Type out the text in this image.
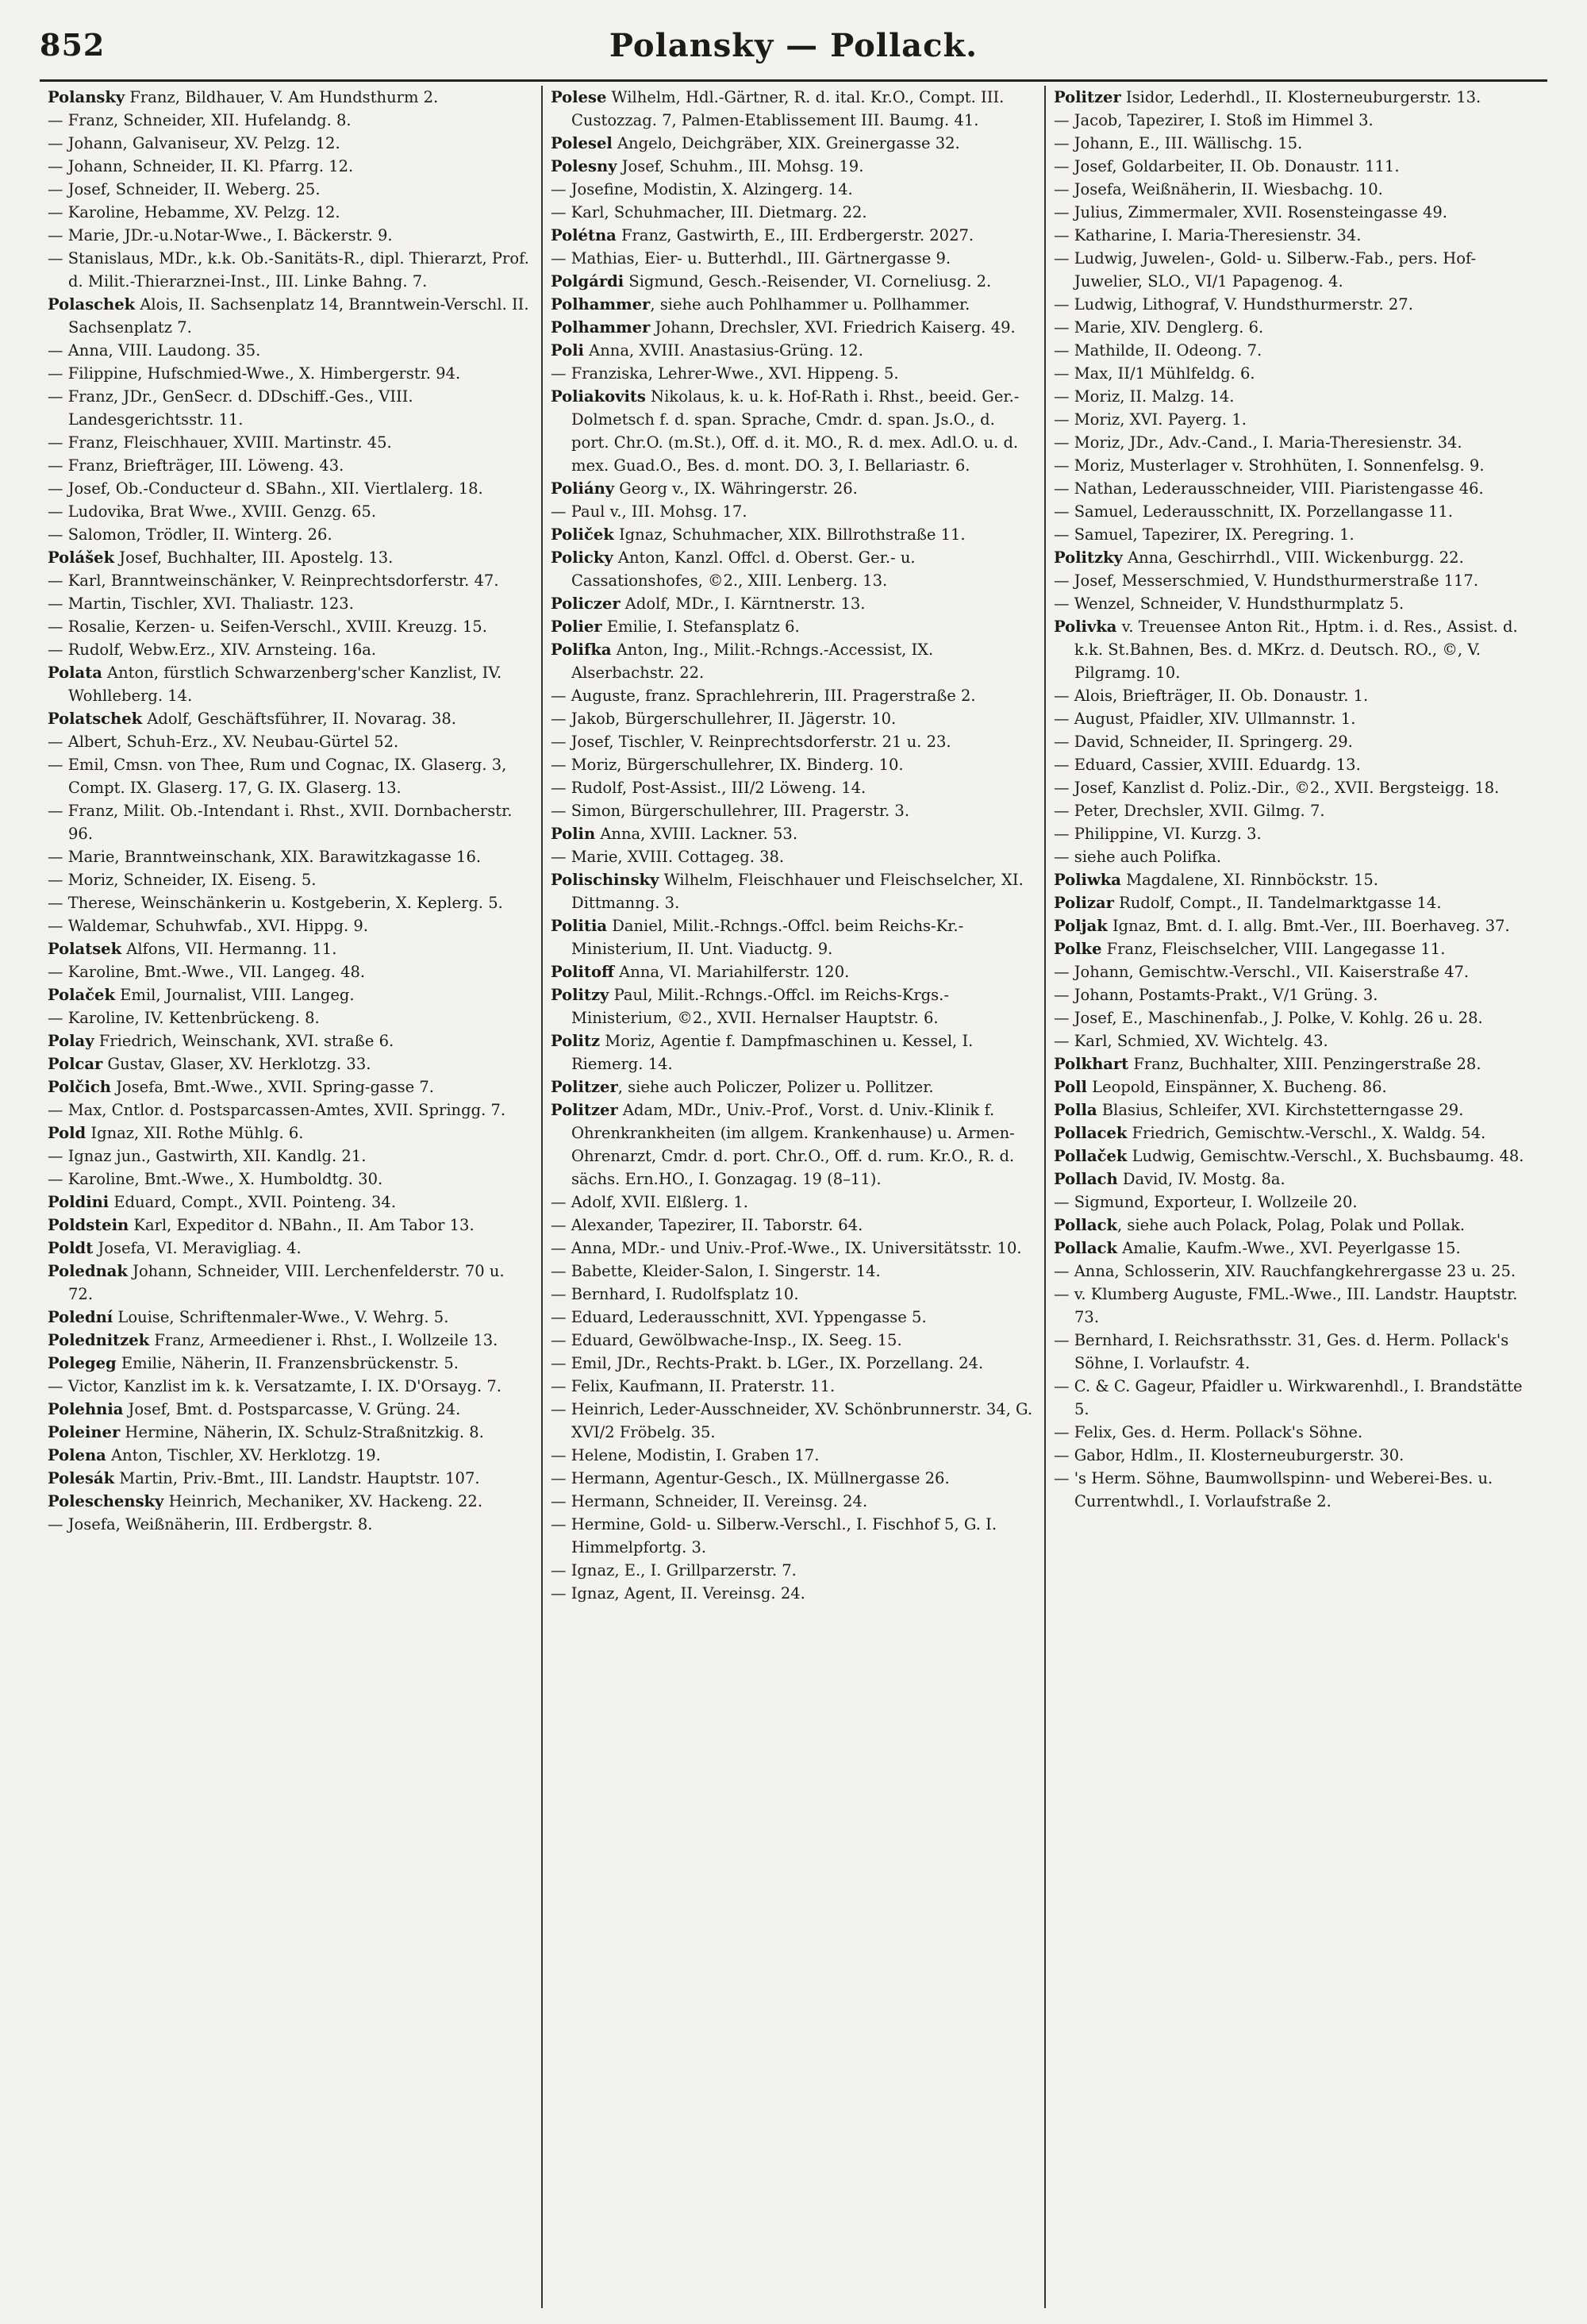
852	Polansky — Pollack.

Polansky Franz, Bildhauer, V. Am Hundsthurm 2.

— Franz, Schneider, XII. Hufelandg. 8.

— Johann, Galvaniseur, XV. Pelzg. 12.

— Johann, Schneider, II. Kl. Pfarrg. 12.

— Josef, Schneider, II. Weberg. 25.

— Karoline, Hebamme, XV. Pelzg. 12.

— Marie, JDr.-u.Notar-Wwe., I. Bäckerstr. 9.

— Stanislaus, MDr., k.k. Ob.-Sanitäts-R., dipl. Thierarzt, Prof. d. Milit.-Thierarznei-Inst., III. Linke Bahng. 7.

Polaschek Alois, II. Sachsenplatz 14, Branntwein-Verschl. II. Sachsenplatz 7.

— Anna, VIII. Laudong. 35.

— Filippine, Hufschmied-Wwe., X. Himbergerstr. 94.

— Franz, JDr., GenSecr. d. DDschiff.-Ges., VIII. Landesgerichtsstr. 11.

— Franz, Fleischhauer, XVIII. Martinstr. 45.

— Franz, Briefträger, III. Löweng. 43.

— Josef, Ob.-Conducteur d. SBahn., XII. Viertlalerg. 18.

— Ludovika, Brat Wwe., XVIII. Genzg. 65.

— Salomon, Trödler, II. Winterg. 26.

Polášek Josef, Buchhalter, III. Apostelg. 13.

— Karl, Branntweinschänker, V. Reinprechtsdorferstr. 47.

— Martin, Tischler, XVI. Thaliastr. 123.

— Rosalie, Kerzen- u. Seifen-Verschl., XVIII. Kreuzg. 15.

— Rudolf, Webw.Erz., XIV. Arnsteing. 16a.

Polata Anton, fürstlich Schwarzenberg'scher Kanzlist, IV. Wohlleberg. 14.

Polatschek Adolf, Geschäftsführer, II. Novarag. 38.

— Albert, Schuh-Erz., XV. Neubau-Gürtel 52.

— Emil, Cmsn. von Thee, Rum und Cognac, IX. Glaserg. 3, Compt. IX. Glaserg. 17, G. IX. Glaserg. 13.

— Franz, Milit. Ob.-Intendant i. Rhst., XVII. Dornbacherstr. 96.

— Marie, Branntweinschank, XIX. Barawitzkagasse 16.

— Moriz, Schneider, IX. Eiseng. 5.

— Therese, Weinschänkerin u. Kostgeberin, X. Keplerg. 5.

— Waldemar, Schuhwfab., XVI. Hippg. 9.

Polatsek Alfons, VII. Hermanng. 11.

— Karoline, Bmt.-Wwe., VII. Langeg. 48.

Polaček Emil, Journalist, VIII. Langeg.

— Karoline, IV. Kettenbrückeng. 8.

Polay Friedrich, Weinschank, XVI. straße 6.

Polcar Gustav, Glaser, XV. Herklotzg. 33.

Polčich Josefa, Bmt.-Wwe., XVII. Spring-gasse 7.

— Max, Cntlor. d. Postsparcassen-Amtes, XVII. Springg. 7.

Pold Ignaz, XII. Rothe Mühlg. 6.

— Ignaz jun., Gastwirth, XII. Kandlg. 21.

— Karoline, Bmt.-Wwe., X. Humboldtg. 30.

Poldini Eduard, Compt., XVII. Pointeng. 34.

Poldstein Karl, Expeditor d. NBahn., II. Am Tabor 13.

Poldt Josefa, VI. Meravigliag. 4.

Polednak Johann, Schneider, VIII. Lerchenfelderstr. 70 u. 72.

Polední Louise, Schriftenmaler-Wwe., V. Wehrg. 5.

Polednitzek Franz, Armeediener i. Rhst., I. Wollzeile 13.

Polegeg Emilie, Näherin, II. Franzensbrückenstr. 5.

— Victor, Kanzlist im k. k. Versatzamte, I. IX. D'Orsayg. 7.

Polehnia Josef, Bmt. d. Postsparcasse, V. Grüng. 24.

Poleiner Hermine, Näherin, IX. Schulz-Straßnitzkig. 8.

Polena Anton, Tischler, XV. Herklotzg. 19.

Polesák Martin, Priv.-Bmt., III. Landstr. Hauptstr. 107.

Poleschensky Heinrich, Mechaniker, XV. Hackeng. 22.

— Josefa, Weißnäherin, III. Erdbergstr. 8.

Polese Wilhelm, Hdl.-Gärtner, R. d. ital. Kr.O., Compt. III. Custozzag. 7, Palmen-Etablissement III. Baumg. 41.

Polesel Angelo, Deichgräber, XIX. Greinergasse 32.

Polesny Josef, Schuhm., III. Mohsg. 19.

— Josefine, Modistin, X. Alzingerg. 14.

— Karl, Schuhmacher, III. Dietmarg. 22.

Polétna Franz, Gastwirth, E., III. Erdbergerstr. 2027.

— Mathias, Eier- u. Butterhdl., III. Gärtnergasse 9.

Polgárdi Sigmund, Gesch.-Reisender, VI. Corneliusg. 2.

Polhammer, siehe auch Pohlhammer u. Pollhammer.

Polhammer Johann, Drechsler, XVI. Friedrich Kaiserg. 49.

Poli Anna, XVIII. Anastasius-Grüng. 12.

— Franziska, Lehrer-Wwe., XVI. Hippeng. 5.

Poliakovits Nikolaus, k. u. k. Hof-Rath i. Rhst., beeid. Ger.-Dolmetsch f. d. span. Sprache, Cmdr. d. span. Js.O., d. port. Chr.O. (m.St.), Off. d. it. MO., R. d. mex. Adl.O. u. d. mex. Guad.O., Bes. d. mont. DO. 3, I. Bellariastr. 6.

Poliány Georg v., IX. Währingerstr. 26.

— Paul v., III. Mohsg. 17.

Poliček Ignaz, Schuhmacher, XIX. Billrothstraße 11.

Policky Anton, Kanzl. Offcl. d. Oberst. Ger.- u. Cassationshofes, ©2., XIII. Lenberg. 13.

Policzer Adolf, MDr., I. Kärntnerstr. 13.

Polier Emilie, I. Stefansplatz 6.

Polifka Anton, Ing., Milit.-Rchngs.-Accessist, IX. Alserbachstr. 22.

— Auguste, franz. Sprachlehrerin, III. Pragerstraße 2.

— Jakob, Bürgerschullehrer, II. Jägerstr. 10.

— Josef, Tischler, V. Reinprechtsdorferstr. 21 u. 23.

— Moriz, Bürgerschullehrer, IX. Binderg. 10.

— Rudolf, Post-Assist., III/2 Löweng. 14.

— Simon, Bürgerschullehrer, III. Pragerstr. 3.

Polin Anna, XVIII. Lackner. 53.

— Marie, XVIII. Cottageg. 38.

Polischinsky Wilhelm, Fleischhauer und Fleischselcher, XI. Dittmanng. 3.

Politia Daniel, Milit.-Rchngs.-Offcl. beim Reichs-Kr.-Ministerium, II. Unt. Viaductg. 9.

Politoff Anna, VI. Mariahilferstr. 120.

Politzy Paul, Milit.-Rchngs.-Offcl. im Reichs-Krgs.-Ministerium, ©2., XVII. Hernalser Hauptstr. 6.

Politz Moriz, Agentie f. Dampfmaschinen u. Kessel, I. Riemerg. 14.

Politzer, siehe auch Policzer, Polizer u. Pollitzer.

Politzer Adam, MDr., Univ.-Prof., Vorst. d. Univ.-Klinik f. Ohrenkrankheiten (im allgem. Krankenhause) u. Armen-Ohrenarzt, Cmdr. d. port. Chr.O., Off. d. rum. Kr.O., R. d. sächs. Ern.HO., I. Gonzagag. 19 (8–11).

— Adolf, XVII. Elßlerg. 1.

— Alexander, Tapezirer, II. Taborstr. 64.

— Anna, MDr.- und Univ.-Prof.-Wwe., IX. Universitätsstr. 10.

— Babette, Kleider-Salon, I. Singerstr. 14.

— Bernhard, I. Rudolfsplatz 10.

— Eduard, Lederausschnitt, XVI. Yppengasse 5.

— Eduard, Gewölbwache-Insp., IX. Seeg. 15.

— Emil, JDr., Rechts-Prakt. b. LGer., IX. Porzellang. 24.

— Felix, Kaufmann, II. Praterstr. 11.

— Heinrich, Leder-Ausschneider, XV. Schönbrunnerstr. 34, G. XVI/2 Fröbelg. 35.

— Helene, Modistin, I. Graben 17.

— Hermann, Agentur-Gesch., IX. Müllnergasse 26.

— Hermann, Schneider, II. Vereinsg. 24.

— Hermine, Gold- u. Silberw.-Verschl., I. Fischhof 5, G. I. Himmelpfortg. 3.

— Ignaz, E., I. Grillparzerstr. 7.

— Ignaz, Agent, II. Vereinsg. 24.

Politzer Isidor, Lederhdl., II. Klosterneuburgerstr. 13.

— Jacob, Tapezirer, I. Stoß im Himmel 3.

— Johann, E., III. Wällischg. 15.

— Josef, Goldarbeiter, II. Ob. Donaustr. 111.

— Josefa, Weißnäherin, II. Wiesbachg. 10.

— Julius, Zimmermaler, XVII. Rosensteingasse 49.

— Katharine, I. Maria-Theresienstr. 34.

— Ludwig, Juwelen-, Gold- u. Silberw.-Fab., pers. Hof-Juwelier, SLO., VI/1 Papagenog. 4.

— Ludwig, Lithograf, V. Hundsthurmerstr. 27.

— Marie, XIV. Denglerg. 6.

— Mathilde, II. Odeong. 7.

— Max, II/1 Mühlfeldg. 6.

— Moriz, II. Malzg. 14.

— Moriz, XVI. Payerg. 1.

— Moriz, JDr., Adv.-Cand., I. Maria-Theresienstr. 34.

— Moriz, Musterlager v. Strohhüten, I. Sonnenfelsg. 9.

— Nathan, Lederausschneider, VIII. Piaristengasse 46.

— Samuel, Lederausschnitt, IX. Porzellangasse 11.

— Samuel, Tapezirer, IX. Peregring. 1.

Politzky Anna, Geschirrhdl., VIII. Wickenburgg. 22.

— Josef, Messerschmied, V. Hundsthurmerstraße 117.

— Wenzel, Schneider, V. Hundsthurmplatz 5.

Polivka v. Treuensee Anton Rit., Hptm. i. d. Res., Assist. d. k.k. St.Bahnen, Bes. d. MKrz. d. Deutsch. RO., ©, V. Pilgramg. 10.

— Alois, Briefträger, II. Ob. Donaustr. 1.

— August, Pfaidler, XIV. Ullmannstr. 1.

— David, Schneider, II. Springerg. 29.

— Eduard, Cassier, XVIII. Eduardg. 13.

— Josef, Kanzlist d. Poliz.-Dir., ©2., XVII. Bergsteigg. 18.

— Peter, Drechsler, XVII. Gilmg. 7.

— Philippine, VI. Kurzg. 3.

— siehe auch Polifka.

Poliwka Magdalene, XI. Rinnböckstr. 15.

Polizar Rudolf, Compt., II. Tandelmarktgasse 14.

Poljak Ignaz, Bmt. d. I. allg. Bmt.-Ver., III. Boerhaveg. 37.

Polke Franz, Fleischselcher, VIII. Langegasse 11.

— Johann, Gemischtw.-Verschl., VII. Kaiserstraße 47.

— Johann, Postamts-Prakt., V/1 Grüng. 3.

— Josef, E., Maschinenfab., J. Polke, V. Kohlg. 26 u. 28.

— Karl, Schmied, XV. Wichtelg. 43.

Polkhart Franz, Buchhalter, XIII. Penzingerstraße 28.

Poll Leopold, Einspänner, X. Bucheng. 86.

Polla Blasius, Schleifer, XVI. Kirchstetterngasse 29.

Pollacek Friedrich, Gemischtw.-Verschl., X. Waldg. 54.

Pollaček Ludwig, Gemischtw.-Verschl., X. Buchsbaumg. 48.

Pollach David, IV. Mostg. 8a.

— Sigmund, Exporteur, I. Wollzeile 20.

Pollack, siehe auch Polack, Polag, Polak und Pollak.

Pollack Amalie, Kaufm.-Wwe., XVI. Peyerlgasse 15.

— Anna, Schlosserin, XIV. Rauchfangkehrergasse 23 u. 25.

— v. Klumberg Auguste, FML.-Wwe., III. Landstr. Hauptstr. 73.

— Bernhard, I. Reichsrathsstr. 31, Ges. d. Herm. Pollack's Söhne, I. Vorlaufstr. 4.

— C. & C. Gageur, Pfaidler u. Wirkwarenhdl., I. Brandstätte 5.

— Felix, Ges. d. Herm. Pollack's Söhne.

— Gabor, Hdlm., II. Klosterneuburgerstr. 30.

— 's Herm. Söhne, Baumwollspinn- und Weberei-Bes. u. Currentwhdl., I. Vorlaufstraße 2.
